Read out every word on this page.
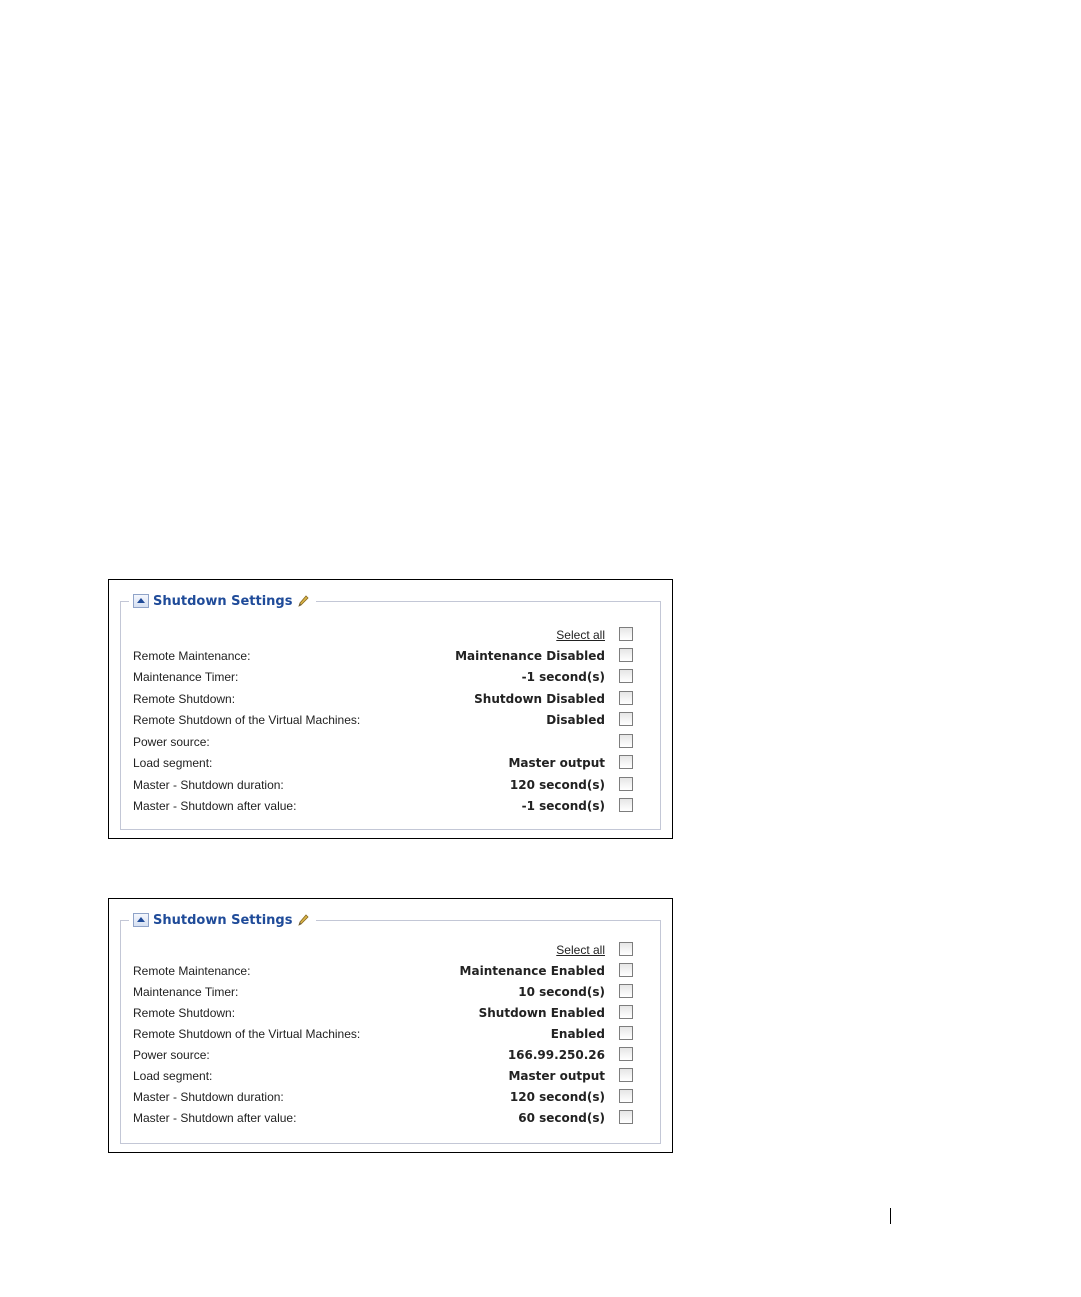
Shutdown Settings
Select all
Remote Maintenance:	Maintenance Disabled
Maintenance Timer:	-1 second(s)
Remote Shutdown:	Shutdown Disabled
Remote Shutdown of the Virtual Machines:	Disabled
Power source:
Load segment:	Master output
Master - Shutdown duration:	120 second(s)
Master - Shutdown after value:	-1 second(s)
Shutdown Settings
Select all
Remote Maintenance:	Maintenance Enabled
Maintenance Timer:	10 second(s)
Remote Shutdown:	Shutdown Enabled
Remote Shutdown of the Virtual Machines:	Enabled
Power source:	166.99.250.26
Load segment:	Master output
Master - Shutdown duration:	120 second(s)
Master - Shutdown after value:	60 second(s)
